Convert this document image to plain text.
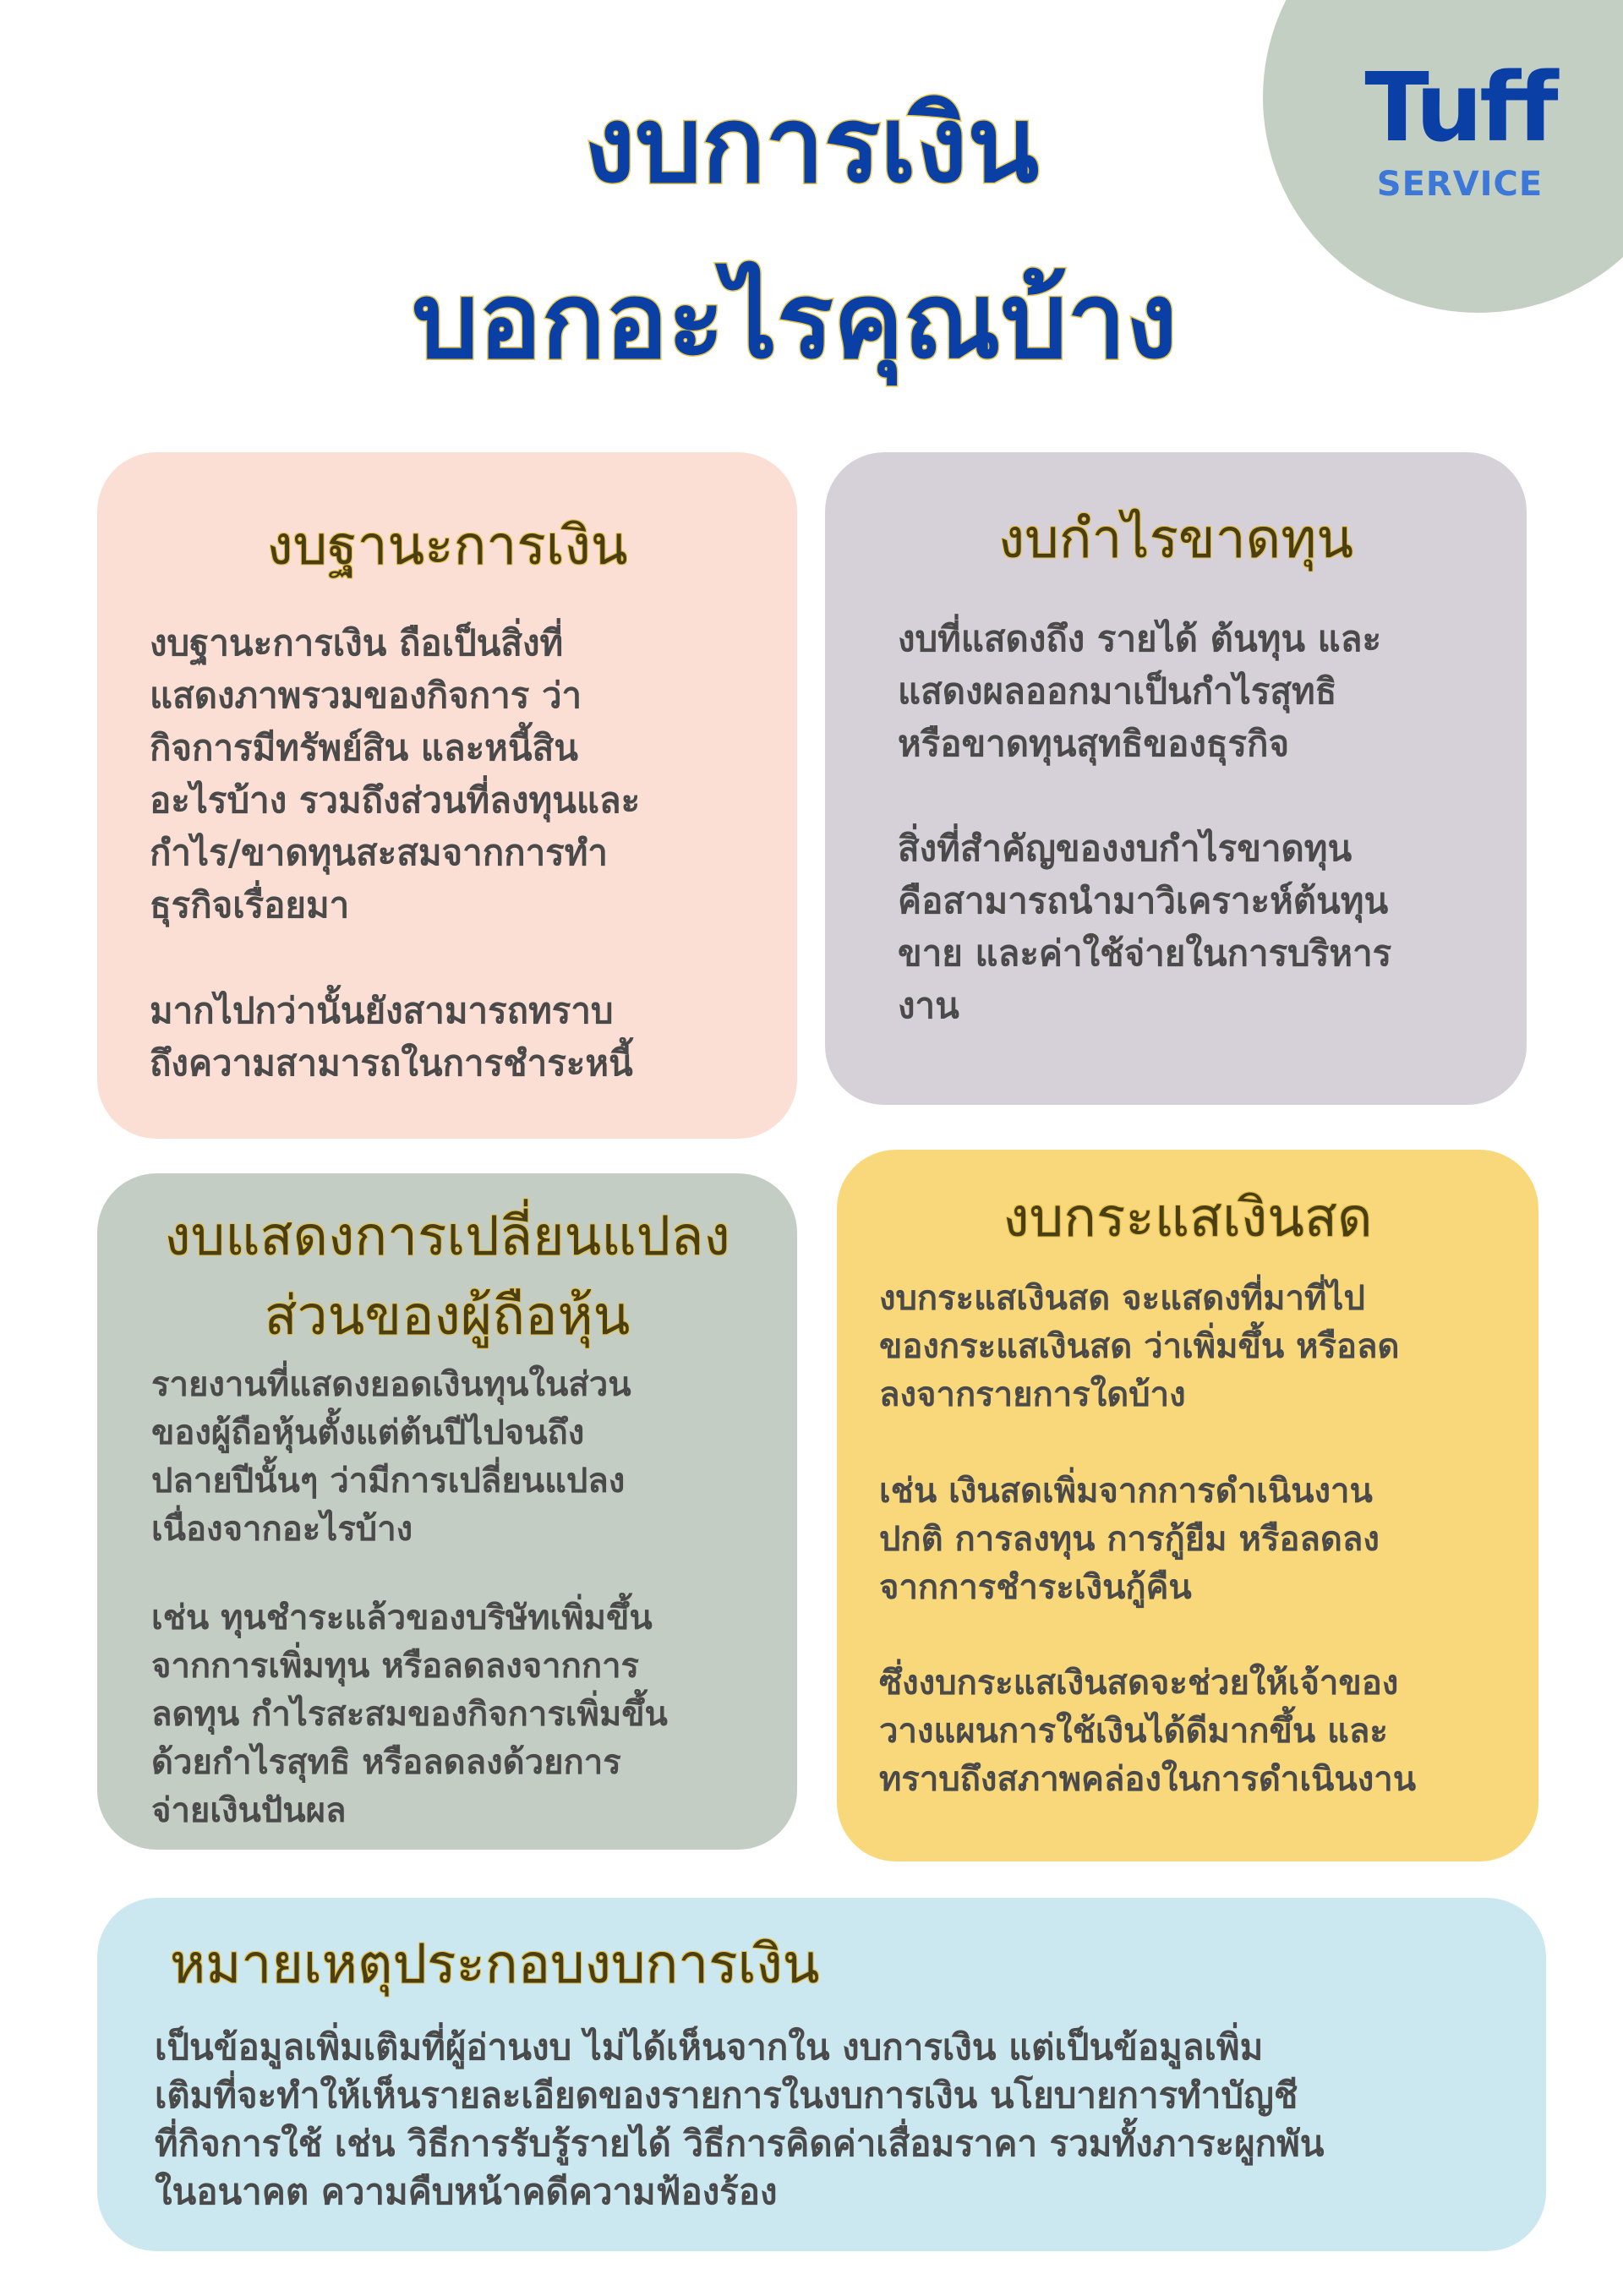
Tuff
SERVICE
งบการเงิน
บอกอะไรคุณบ้าง
งบฐานะการเงิน

งบฐานะการเงิน ถือเป็นสิ่งที่
แสดงภาพรวมของกิจการ ว่า
กิจการมีทรัพย์สิน และหนี้สิน
อะไรบ้าง รวมถึงส่วนที่ลงทุนและ
กำไร/ขาดทุนสะสมจากการทำ
ธุรกิจเรื่อยมา

มากไปกว่านั้นยังสามารถทราบ
ถึงความสามารถในการชำระหนี้

งบกำไรขาดทุน

งบที่แสดงถึง รายได้ ต้นทุน และ
แสดงผลออกมาเป็นกำไรสุทธิ
หรือขาดทุนสุทธิของธุรกิจ

สิ่งที่สำคัญของงบกำไรขาดทุน
คือสามารถนำมาวิเคราะห์ต้นทุน
ขาย และค่าใช้จ่ายในการบริหาร
งาน

งบแสดงการเปลี่ยนแปลง
ส่วนของผู้ถือหุ้น

รายงานที่แสดงยอดเงินทุนในส่วน
ของผู้ถือหุ้นตั้งแต่ต้นปีไปจนถึง
ปลายปีนั้นๆ ว่ามีการเปลี่ยนแปลง
เนื่องจากอะไรบ้าง

เช่น ทุนชำระแล้วของบริษัทเพิ่มขึ้น
จากการเพิ่มทุน หรือลดลงจากการ
ลดทุน กำไรสะสมของกิจการเพิ่มขึ้น
ด้วยกำไรสุทธิ หรือลดลงด้วยการ
จ่ายเงินปันผล

งบกระแสเงินสด

งบกระแสเงินสด จะแสดงที่มาที่ไป
ของกระแสเงินสด ว่าเพิ่มขึ้น หรือลด
ลงจากรายการใดบ้าง

เช่น เงินสดเพิ่มจากการดำเนินงาน
ปกติ การลงทุน การกู้ยืม หรือลดลง
จากการชำระเงินกู้คืน

ซึ่งงบกระแสเงินสดจะช่วยให้เจ้าของ
วางแผนการใช้เงินได้ดีมากขึ้น และ
ทราบถึงสภาพคล่องในการดำเนินงาน

หมายเหตุประกอบงบการเงิน

เป็นข้อมูลเพิ่มเติมที่ผู้อ่านงบ ไม่ได้เห็นจากใน งบการเงิน แต่เป็นข้อมูลเพิ่ม
เติมที่จะทำให้เห็นรายละเอียดของรายการในงบการเงิน นโยบายการทำบัญชี
ที่กิจการใช้ เช่น วิธีการรับรู้รายได้ วิธีการคิดค่าเสื่อมราคา รวมทั้งภาระผูกพัน
ในอนาคต ความคืบหน้าคดีความฟ้องร้อง
